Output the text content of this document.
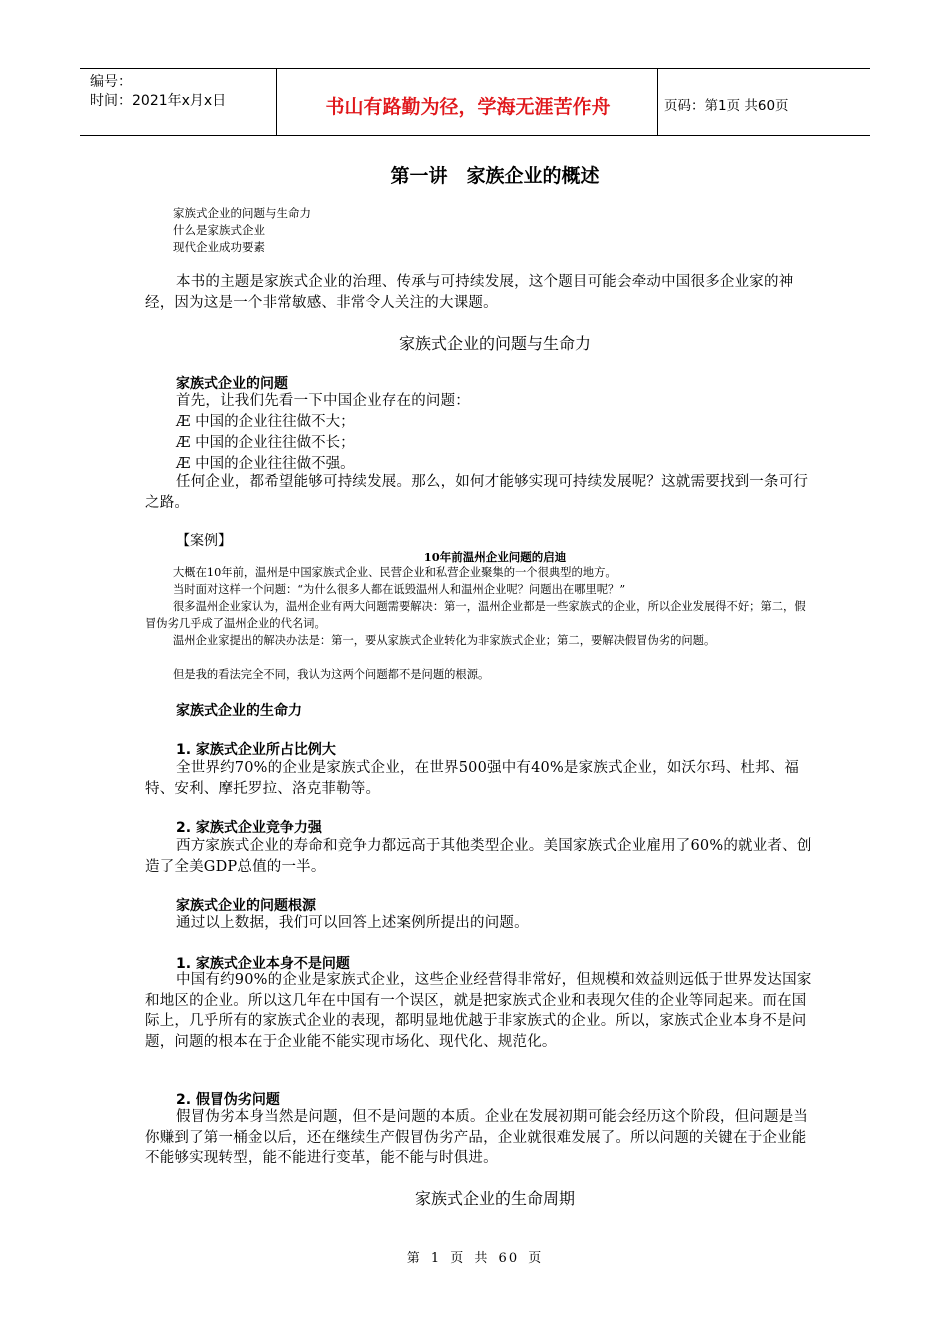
编号：
时间：2021年x月x日	书山有路勤为径，学海无涯苦作舟	页码：第1页 共60页
第一讲　家族企业的概述
家族式企业的问题与生命力
什么是家族式企业
现代企业成功要素
本书的主题是家族式企业的治理、传承与可持续发展，这个题目可能会牵动中国很多企业家的神经，因为这是一个非常敏感、非常令人关注的大课题。
家族式企业的问题与生命力
家族式企业的问题
首先，让我们先看一下中国企业存在的问题：
Æ 中国的企业往往做不大；
Æ 中国的企业往往做不长；
Æ 中国的企业往往做不强。
任何企业，都希望能够可持续发展。那么，如何才能够实现可持续发展呢？这就需要找到一条可行之路。
【案例】
10年前温州企业问题的启迪
大概在10年前，温州是中国家族式企业、民营企业和私营企业聚集的一个很典型的地方。
当时面对这样一个问题：“为什么很多人都在诋毁温州人和温州企业呢？问题出在哪里呢？”
很多温州企业家认为，温州企业有两大问题需要解决：第一，温州企业都是一些家族式的企业，所以企业发展得不好；第二，假冒伪劣几乎成了温州企业的代名词。
温州企业家提出的解决办法是：第一，要从家族式企业转化为非家族式企业；第二，要解决假冒伪劣的问题。
但是我的看法完全不同，我认为这两个问题都不是问题的根源。
家族式企业的生命力
1. 家族式企业所占比例大
全世界约70%的企业是家族式企业，在世界500强中有40%是家族式企业，如沃尔玛、杜邦、福特、安利、摩托罗拉、洛克菲勒等。
2. 家族式企业竞争力强
西方家族式企业的寿命和竞争力都远高于其他类型企业。美国家族式企业雇用了60%的就业者、创造了全美GDP总值的一半。
家族式企业的问题根源
通过以上数据，我们可以回答上述案例所提出的问题。
1. 家族式企业本身不是问题
中国有约90%的企业是家族式企业，这些企业经营得非常好，但规模和效益则远低于世界发达国家和地区的企业。所以这几年在中国有一个误区，就是把家族式企业和表现欠佳的企业等同起来。而在国际上，几乎所有的家族式企业的表现，都明显地优越于非家族式的企业。所以，家族式企业本身不是问题，问题的根本在于企业能不能实现市场化、现代化、规范化。
2. 假冒伪劣问题
假冒伪劣本身当然是问题，但不是问题的本质。企业在发展初期可能会经历这个阶段，但问题是当你赚到了第一桶金以后，还在继续生产假冒伪劣产品，企业就很难发展了。所以问题的关键在于企业能不能够实现转型，能不能进行变革，能不能与时俱进。
家族式企业的生命周期
第 1 页 共 60 页
